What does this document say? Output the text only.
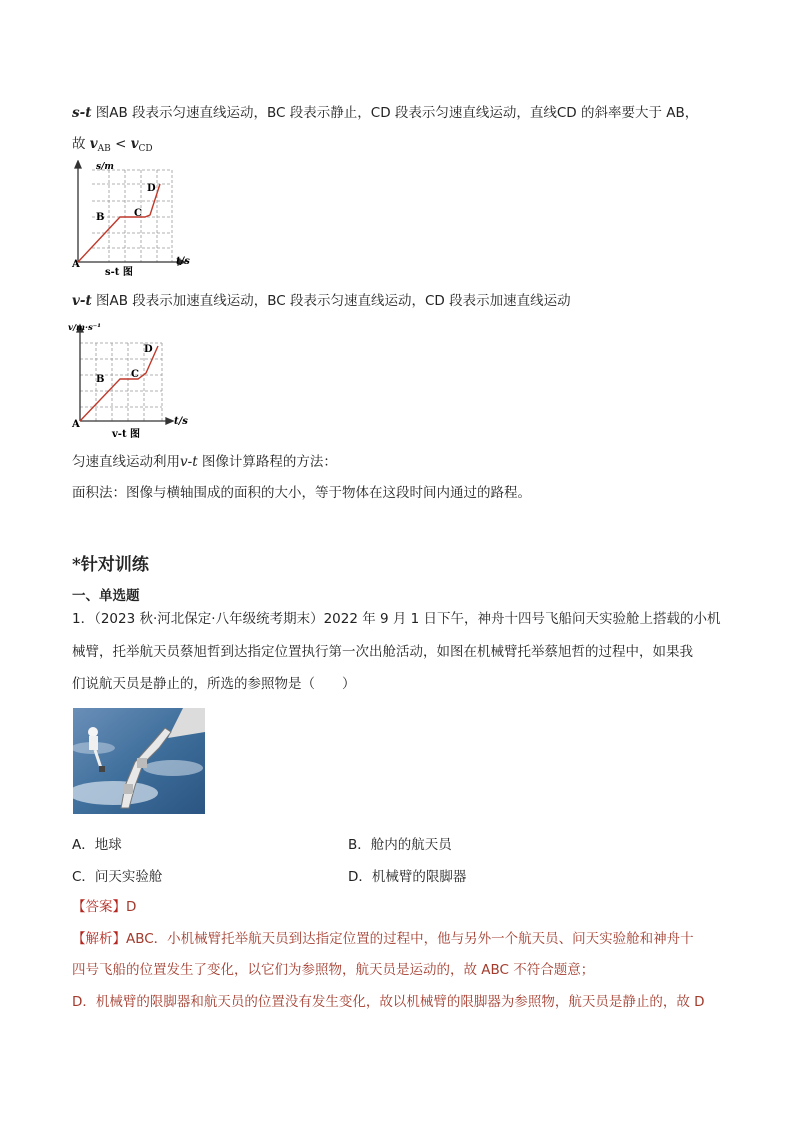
s-t 图AB 段表示匀速直线运动，BC 段表示静止，CD 段表示匀速直线运动，直线CD 的斜率要大于 AB，
故 $v_{AB} < v_{CD}$
s/m
t/s
A
B	C
D
s-t 图
v-t 图AB 段表示加速直线运动，BC 段表示匀速直线运动，CD 段表示加速直线运动
v/m·s⁻¹
t/s
A
B	C
D
v-t 图
匀速直线运动利用v-t 图像计算路程的方法：
面积法：图像与横轴围成的面积的大小，等于物体在这段时间内通过的路程。
*针对训练
一、单选题
1．（2023 秋·河北保定·八年级统考期末）2022 年 9 月 1 日下午，神舟十四号飞船问天实验舱上搭载的小机
械臂，托举航天员蔡旭哲到达指定位置执行第一次出舱活动，如图在机械臂托举蔡旭哲的过程中，如果我
们说航天员是静止的，所选的参照物是（　　）
A．地球	B．舱内的航天员
C．问天实验舱	D．机械臂的限脚器
【答案】D
【解析】ABC．小机械臂托举航天员到达指定位置的过程中，他与另外一个航天员、问天实验舱和神舟十
四号飞船的位置发生了变化，以它们为参照物，航天员是运动的，故 ABC 不符合题意；
D．机械臂的限脚器和航天员的位置没有发生变化，故以机械臂的限脚器为参照物，航天员是静止的，故 D
